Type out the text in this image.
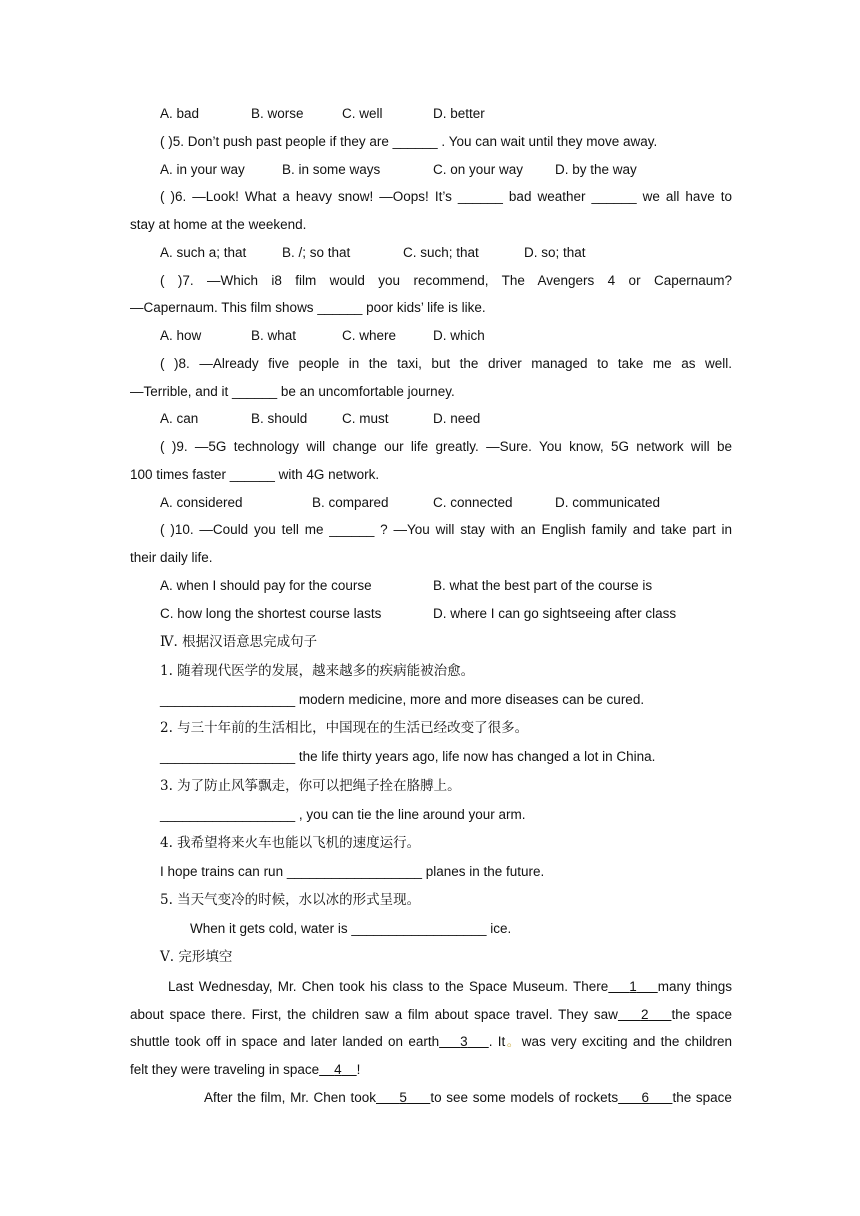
A. bad	B. worse	C. well	D. better
( )5. Don’t push past people if they are ______ . You can wait until they move away.
A. in your way	B. in some ways	C. on your way D. by the way
( )6. —Look! What a heavy snow! —Oops! It’s ______ bad weather ______ we all have to
stay at home at the weekend.
A. such a; that	B. /; so that	C. such; that	D. so; that
( )7. —Which i8 film would you recommend, The Avengers 4 or Capernaum?
—Capernaum. This film shows ______ poor kids’ life is like.
A. how	B. what	C. where	D. which
( )8. —Already five people in the taxi, but the driver managed to take me as well.
—Terrible, and it ______ be an uncomfortable journey.
A. can	B. should	C. must	D. need
( )9. —5G technology will change our life greatly. —Sure. You know, 5G network will be
100 times faster ______ with 4G network.
A. considered	B. compared	C. connected	D. communicated
( )10. —Could you tell me ______ ? —You will stay with an English family and take part in
their daily life.
A. when I should pay for the course	B. what the best part of the course is
C. how long the shortest course lasts	D. where I can go sightseeing after class
Ⅳ. 根据汉语意思完成句子
1. 随着现代医学的发展，越来越多的疾病能被治愈。
__________________ modern medicine, more and more diseases can be cured.
2. 与三十年前的生活相比，中国现在的生活已经改变了很多。
__________________ the life thirty years ago, life now has changed a lot in China.
3. 为了防止风筝飘走，你可以把绳子拴在胳膊上。
__________________ , you can tie the line around your arm.
4. 我希望将来火车也能以飞机的速度运行。
I hope trains can run __________________ planes in the future.
5. 当天气变冷的时候，水以冰的形式呈现。
When it gets cold, water is __________________ ice.
Ⅴ. 完形填空
Last Wednesday, Mr. Chen took his class to the Space Museum. There 1 many things
about space there. First, the children saw a film about space travel. They saw 2 the space
shuttle took off in space and later landed on earth 3 . It。was very exciting and the children
felt they were traveling in space 4 !
After the film, Mr. Chen took 5 to see some models of rockets 6 the space
